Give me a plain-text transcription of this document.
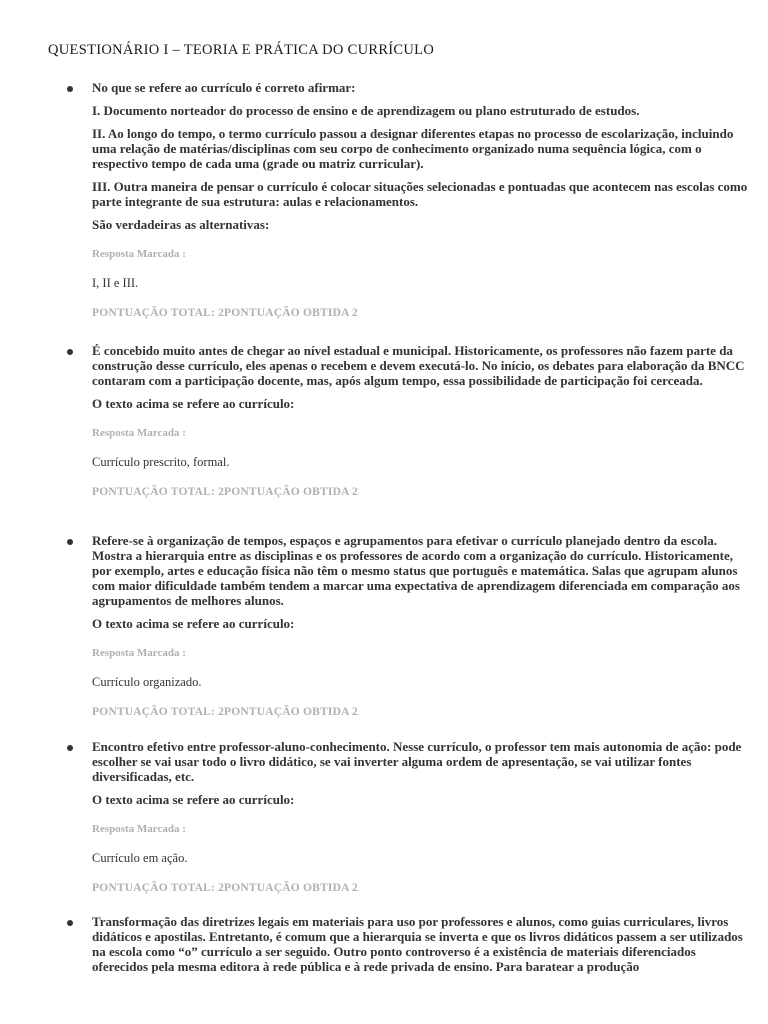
QUESTIONÁRIO I – TEORIA E PRÁTICA DO CURRÍCULO

No que se refere ao currículo é correto afirmar:

I. Documento norteador do processo de ensino e de aprendizagem ou plano estruturado de estudos.

II. Ao longo do tempo, o termo currículo passou a designar diferentes etapas no processo de escolarização, incluindo uma relação de matérias/disciplinas com seu corpo de conhecimento organizado numa sequência lógica, com o respectivo tempo de cada uma (grade ou matriz curricular).

III. Outra maneira de pensar o currículo é colocar situações selecionadas e pontuadas que acontecem nas escolas como parte integrante de sua estrutura: aulas e relacionamentos.

São verdadeiras as alternativas:

Resposta Marcada :

I, II e III.

PONTUAÇÃO TOTAL: 2PONTUAÇÃO OBTIDA 2

É concebido muito antes de chegar ao nível estadual e municipal. Historicamente, os professores não fazem parte da construção desse currículo, eles apenas o recebem e devem executá-lo. No início, os debates para elaboração da BNCC contaram com a participação docente, mas, após algum tempo, essa possibilidade de participação foi cerceada.

O texto acima se refere ao currículo:

Resposta Marcada :

Currículo prescrito, formal.

PONTUAÇÃO TOTAL: 2PONTUAÇÃO OBTIDA 2

Refere-se à organização de tempos, espaços e agrupamentos para efetivar o currículo planejado dentro da escola. Mostra a hierarquia entre as disciplinas e os professores de acordo com a organização do currículo. Historicamente, por exemplo, artes e educação física não têm o mesmo status que português e matemática. Salas que agrupam alunos com maior dificuldade também tendem a marcar uma expectativa de aprendizagem diferenciada em comparação aos agrupamentos de melhores alunos.

O texto acima se refere ao currículo:

Resposta Marcada :

Currículo organizado.

PONTUAÇÃO TOTAL: 2PONTUAÇÃO OBTIDA 2

Encontro efetivo entre professor-aluno-conhecimento. Nesse currículo, o professor tem mais autonomia de ação: pode escolher se vai usar todo o livro didático, se vai inverter alguma ordem de apresentação, se vai utilizar fontes diversificadas, etc.

O texto acima se refere ao currículo:

Resposta Marcada :

Currículo em ação.

PONTUAÇÃO TOTAL: 2PONTUAÇÃO OBTIDA 2

Transformação das diretrizes legais em materiais para uso por professores e alunos, como guias curriculares, livros didáticos e apostilas. Entretanto, é comum que a hierarquia se inverta e que os livros didáticos passem a ser utilizados na escola como “o” currículo a ser seguido. Outro ponto controverso é a existência de materiais diferenciados oferecidos pela mesma editora à rede pública e à rede privada de ensino. Para baratear a produção
